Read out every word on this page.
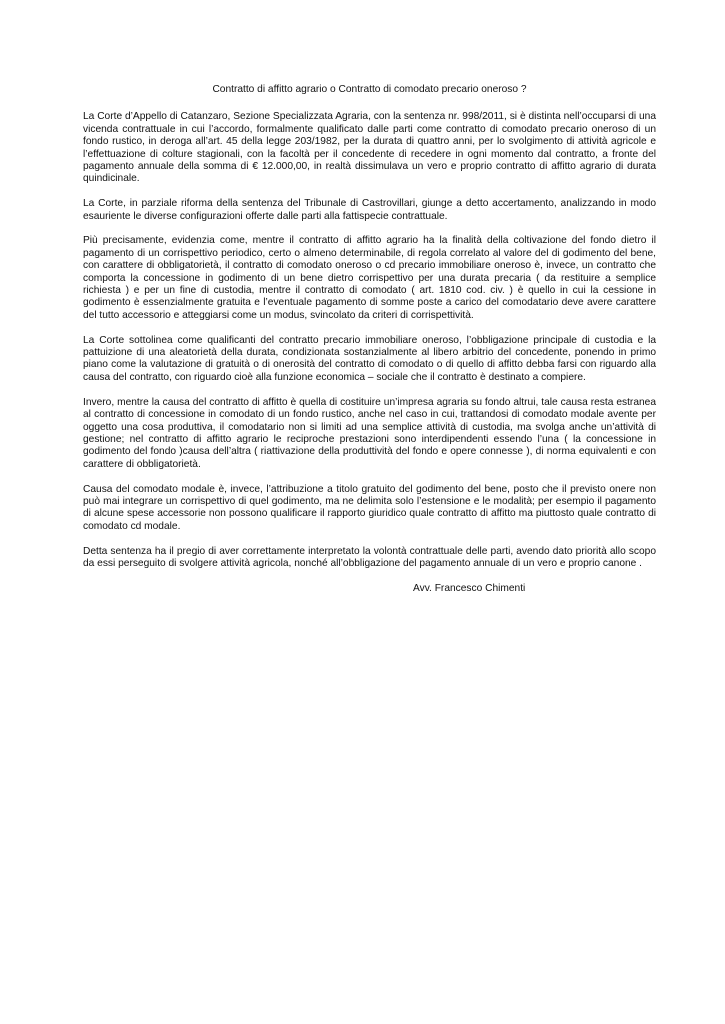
Contratto di affitto agrario o Contratto di comodato precario oneroso ?

La Corte d’Appello di Catanzaro, Sezione Specializzata Agraria, con la sentenza nr. 998/2011, si è distinta nell’occuparsi di una vicenda contrattuale in cui l’accordo, formalmente qualificato dalle parti come contratto di comodato precario oneroso di un fondo rustico, in deroga all’art. 45 della legge 203/1982, per la durata di quattro anni, per lo svolgimento di attività agricole e l’effettuazione di colture stagionali, con la facoltà per il concedente di recedere in ogni momento dal contratto, a fronte del pagamento annuale della somma di € 12.000,00, in realtà dissimulava un vero e proprio contratto di affitto agrario di durata quindicinale.

La Corte, in parziale riforma della sentenza del Tribunale di Castrovillari, giunge a detto accertamento, analizzando in modo esauriente le diverse configurazioni offerte dalle parti alla fattispecie contrattuale.

Più precisamente, evidenzia come, mentre il contratto di affitto agrario ha la finalità della coltivazione del fondo dietro il pagamento di un corrispettivo periodico, certo o almeno determinabile, di regola correlato al valore del di godimento del bene, con carattere di obbligatorietà, il contratto di comodato oneroso o cd precario immobiliare oneroso è, invece, un contratto che comporta la concessione in godimento di un bene dietro corrispettivo per una durata precaria ( da restituire a semplice richiesta ) e per un fine di custodia, mentre il contratto di comodato ( art. 1810 cod. civ. ) è quello in cui la cessione in godimento è essenzialmente gratuita e l’eventuale pagamento di somme poste a carico del comodatario deve avere carattere del tutto accessorio e atteggiarsi come un modus, svincolato da criteri di corrispettività.

La Corte sottolinea come qualificanti del contratto precario immobiliare oneroso, l’obbligazione principale di custodia e la pattuizione di una aleatorietà della durata, condizionata sostanzialmente al libero arbitrio del concedente, ponendo in primo piano come la valutazione di gratuità o di onerosità del contratto di comodato o di quello di affitto debba farsi con riguardo alla causa del contratto, con riguardo cioè alla funzione economica – sociale che il contratto è destinato a compiere.

Invero, mentre la causa del contratto di affitto è quella di costituire un’impresa agraria su fondo altrui, tale causa resta estranea al contratto di concessione in comodato di un fondo rustico, anche nel caso in cui, trattandosi di comodato modale avente per oggetto una cosa produttiva, il comodatario non si limiti ad una semplice attività di custodia, ma svolga anche un’attività di gestione; nel contratto di affitto agrario le reciproche prestazioni sono interdipendenti essendo l’una ( la concessione in godimento del fondo )causa dell’altra ( riattivazione della produttività del fondo e opere connesse ), di norma equivalenti e con carattere di obbligatorietà.

Causa del comodato modale è, invece, l’attribuzione a titolo gratuito del godimento del bene, posto che il previsto onere non può mai integrare un corrispettivo di quel godimento, ma ne delimita solo l’estensione e le modalità; per esempio il pagamento di alcune spese accessorie non possono qualificare il rapporto giuridico quale contratto di affitto ma piuttosto quale contratto di comodato cd modale.

Detta sentenza ha il pregio di aver correttamente interpretato la volontà contrattuale delle parti, avendo dato priorità allo scopo da essi perseguito di svolgere attività agricola, nonché all’obbligazione del pagamento annuale di un vero e proprio canone .

Avv. Francesco Chimenti
